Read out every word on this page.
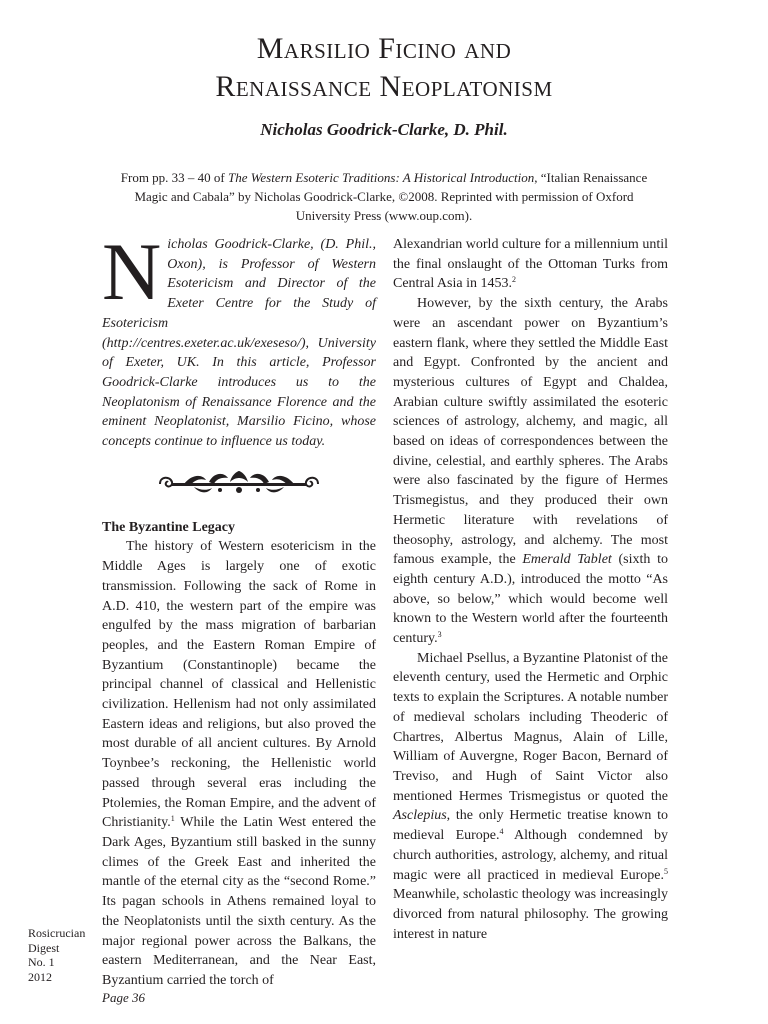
Marsilio Ficino and
Renaissance Neoplatonism
Nicholas Goodrick-Clarke, D. Phil.
From pp. 33 – 40 of The Western Esoteric Traditions: A Historical Introduction, “Italian Renaissance Magic and Cabala” by Nicholas Goodrick-Clarke, ©2008. Reprinted with permission of Oxford University Press (www.oup.com).

Nicholas Goodrick-Clarke, (D. Phil., Oxon), is Professor of Western Esotericism and Director of the Exeter Centre for the Study of Esotericism (http://centres.exeter.ac.uk/exeseso/), University of Exeter, UK. In this article, Professor Goodrick-Clarke introduces us to the Neoplatonism of Renaissance Florence and the eminent Neoplatonist, Marsilio Ficino, whose concepts continue to influence us today.

The Byzantine Legacy

The history of Western esotericism in the Middle Ages is largely one of exotic transmission. Following the sack of Rome in A.D. 410, the western part of the empire was engulfed by the mass migration of barbarian peoples, and the Eastern Roman Empire of Byzantium (Constantinople) became the principal channel of classical and Hellenistic civilization. Hellenism had not only assimilated Eastern ideas and religions, but also proved the most durable of all ancient cultures. By Arnold Toynbee’s reckoning, the Hellenistic world passed through several eras including the Ptolemies, the Roman Empire, and the advent of Christianity.$^1$ While the Latin West entered the Dark Ages, Byzantium still basked in the sunny climes of the Greek East and inherited the mantle of the eternal city as the “second Rome.” Its pagan schools in Athens remained loyal to the Neoplatonists until the sixth century. As the major regional power across the Balkans, the eastern Mediterranean, and the Near East, Byzantium carried the torch of

Alexandrian world culture for a millennium until the final onslaught of the Ottoman Turks from Central Asia in 1453.$^2$

However, by the sixth century, the Arabs were an ascendant power on Byzantium’s eastern flank, where they settled the Middle East and Egypt. Confronted by the ancient and mysterious cultures of Egypt and Chaldea, Arabian culture swiftly assimilated the esoteric sciences of astrology, alchemy, and magic, all based on ideas of correspondences between the divine, celestial, and earthly spheres. The Arabs were also fascinated by the figure of Hermes Trismegistus, and they produced their own Hermetic literature with revelations of theosophy, astrology, and alchemy. The most famous example, the Emerald Tablet (sixth to eighth century A.D.), introduced the motto “As above, so below,” which would become well known to the Western world after the fourteenth century.$^3$

Michael Psellus, a Byzantine Platonist of the eleventh century, used the Hermetic and Orphic texts to explain the Scriptures. A notable number of medieval scholars including Theoderic of Chartres, Albertus Magnus, Alain of Lille, William of Auvergne, Roger Bacon, Bernard of Treviso, and Hugh of Saint Victor also mentioned Hermes Trismegistus or quoted the Asclepius, the only Hermetic treatise known to medieval Europe.$^4$ Although condemned by church authorities, astrology, alchemy, and ritual magic were all practiced in medieval Europe.$^5$ Meanwhile, scholastic theology was increasingly divorced from natural philosophy. The growing interest in nature

Rosicrucian
Digest
No. 1
2012
Page 36
